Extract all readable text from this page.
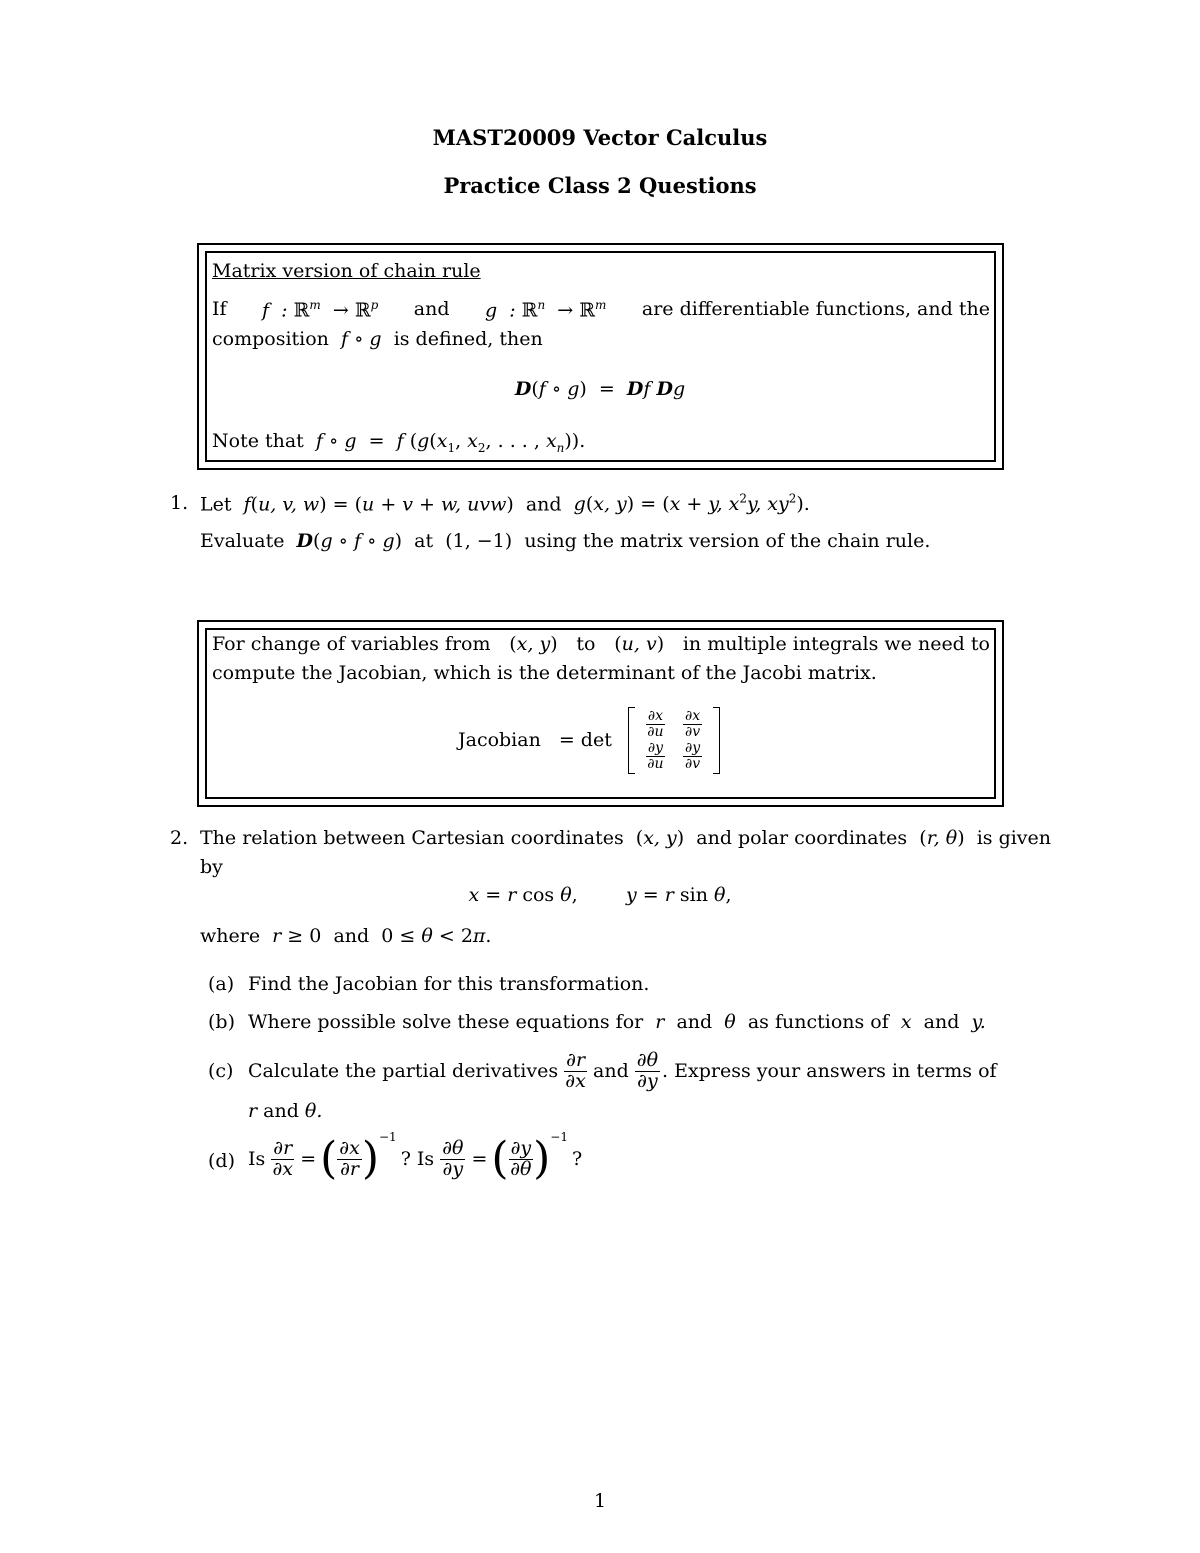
MAST20009 Vector Calculus
Practice Class 2 Questions
Matrix version of chain rule
If f  : ℝ$^m$  → ℝ$^p$ and g  : ℝ$^n$  → ℝ$^m$ are differentiable functions, and the
composition  f ∘ g  is defined, then
D(f ∘ g)  =  Df Dg
Note that f ∘ g  =  f ($g(x_1$, $x_2$, . . . , $x_n$)).
1. Let f(u, v, w) = (u + v + w, uvw)  and g(x, y) = (x + y, $x^2y$, $xy^2$).
Evaluate D(g ∘ f ∘ g)  at  (1, −1)  using the matrix version of the chain rule.
For change of variables from (x, y) to (u, v) in multiple integrals we need to
compute the Jacobian, which is the determinant of the Jacobi matrix.
Jacobian = det
$\frac{\partial x}{\partial u} \frac{\partial x}{\partial v}$
$\frac{\partial y}{\partial u} \frac{\partial y}{\partial v}$
2. The relation between Cartesian coordinates  (x, y)  and polar coordinates  (r, θ)  is given
by
x = r cos θ,        y = r sin θ,
where r ≥ 0  and  0 ≤ θ < 2π.
(a) Find the Jacobian for this transformation.
(b) Where possible solve these equations for  r  and  θ  as functions of  x  and  y.
(c) Calculate the partial derivatives $\frac{\partial r}{\partial x}$ and $\frac{\partial\theta}{\partial y}$ . Express your answers in terms of
r and θ.
(d) Is $\frac{\partial r}{\partial x}$ = ( $\frac{\partial x}{\partial r} )^{-1}$
? Is $\frac{\partial\theta}{\partial y}$ = ( $\frac{\partial y}{\partial\theta} )^{-1}$
?
1
